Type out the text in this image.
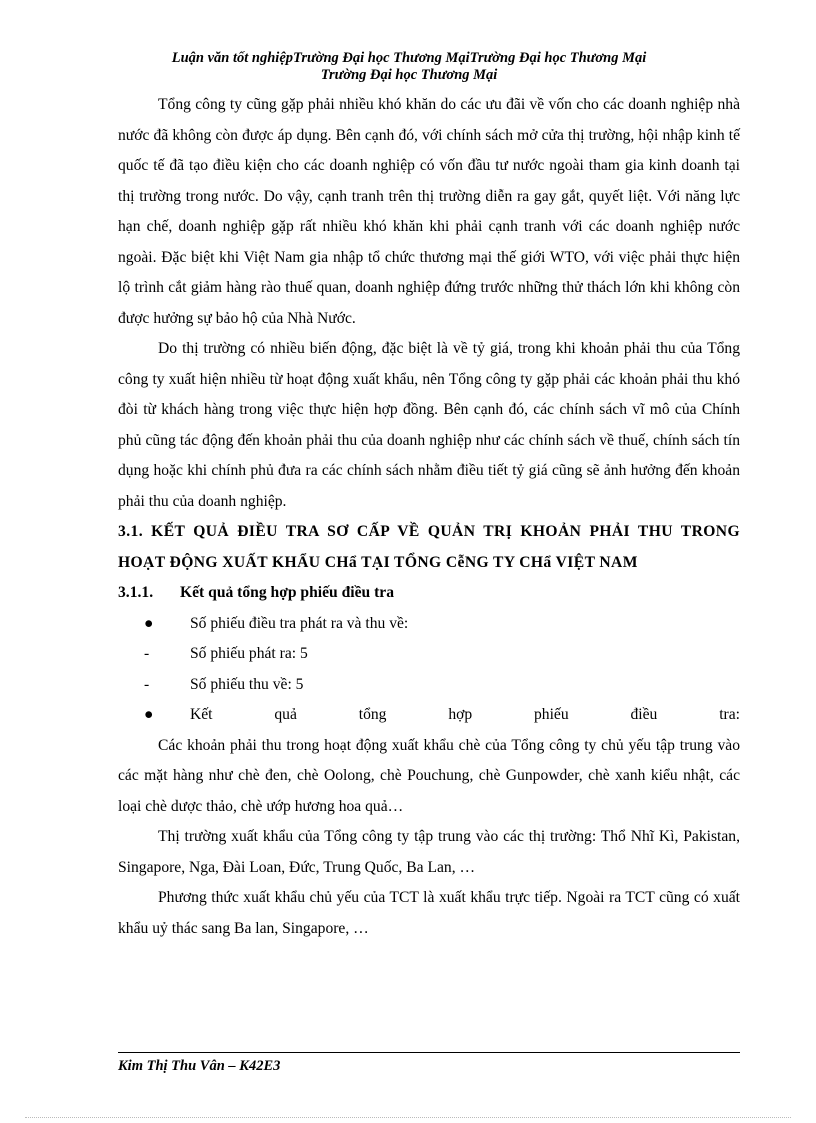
Luận văn tốt nghiệpTrường Đại học Thương MạiTrường Đại học Thương Mại
Trường Đại học Thương Mại

Tổng công ty cũng gặp phải nhiều khó khăn do các ưu đãi về vốn cho các doanh nghiệp nhà nước đã không còn được áp dụng. Bên cạnh đó, với chính sách mở cửa thị trường, hội nhập kinh tế quốc tế đã tạo điều kiện cho các doanh nghiệp có vốn đầu tư nước ngoài tham gia kinh doanh tại thị trường trong nước. Do vậy, cạnh tranh trên thị trường diễn ra gay gắt, quyết liệt. Với năng lực hạn chế, doanh nghiệp gặp rất nhiều khó khăn khi phải cạnh tranh với các doanh nghiệp nước ngoài. Đặc biệt khi Việt Nam gia nhập tổ chức thương mại thế giới WTO, với việc phải thực hiện lộ trình cắt giảm hàng rào thuế quan, doanh nghiệp đứng trước những thử thách lớn khi không còn được hưởng sự bảo hộ của Nhà Nước.

Do thị trường có nhiều biến động, đặc biệt là về tỷ giá, trong khi khoản phải thu của Tổng công ty xuất hiện nhiều từ hoạt động xuất khẩu, nên Tổng công ty gặp phải các khoản phải thu khó đòi từ khách hàng trong việc thực hiện hợp đồng. Bên cạnh đó, các chính sách vĩ mô của Chính phủ cũng tác động đến khoản phải thu của doanh nghiệp như các chính sách về thuế, chính sách tín dụng hoặc khi chính phủ đưa ra các chính sách nhằm điều tiết tỷ giá cũng sẽ ảnh hưởng đến khoản phải thu của doanh nghiệp.

3.1. KẾT QUẢ ĐIỀU TRA SƠ CẤP VỀ QUẢN TRỊ KHOẢN PHẢI THU TRONG HOẠT ĐỘNG XUẤT KHẨU CHẩ TẠI TỔNG CễNG TY CHẩ VIỆT NAM

3.1.1.	Kết quả tổng hợp phiếu điều tra

●	Số phiếu điều tra phát ra và thu về:

-	Số phiếu phát ra: 5

-	Số phiếu thu về: 5

●	Kết quả tổng hợp phiếu điều tra:

Các khoản phải thu trong hoạt động xuất khẩu chè của Tổng công ty chủ yếu tập trung vào các mặt hàng như chè đen, chè Oolong, chè Pouchung, chè Gunpowder, chè xanh kiểu nhật, các loại chè dược thảo, chè ướp hương hoa quả…

Thị trường xuất khẩu của Tổng công ty tập trung vào các thị trường: Thổ Nhĩ Kì, Pakistan, Singapore, Nga, Đài Loan, Đức, Trung Quốc, Ba Lan, …

Phương thức xuất khẩu chủ yếu của TCT là xuất khẩu trực tiếp. Ngoài ra TCT cũng có xuất khẩu uỷ thác sang Ba lan, Singapore, …

Kim Thị Thu Vân – K42E3
